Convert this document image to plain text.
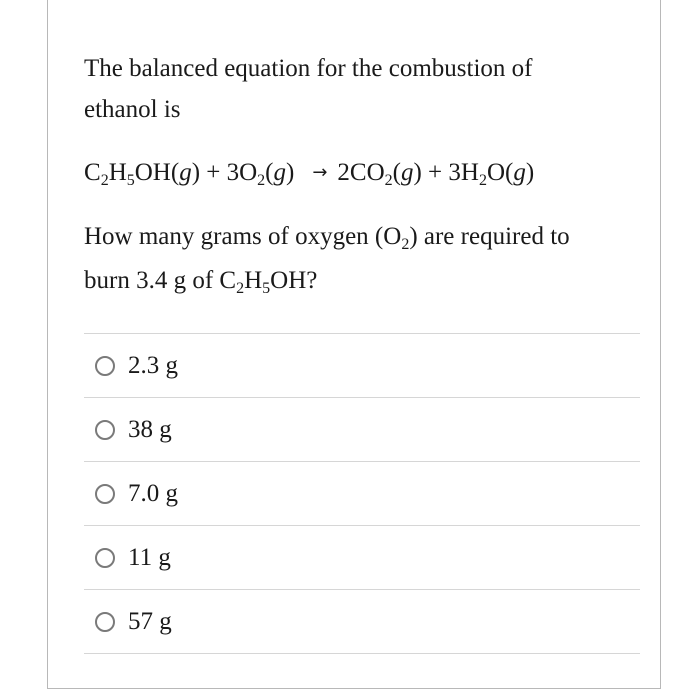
The balanced equation for the combustion of
ethanol is
$C_2H_5OH(g) + 3O_2(g) \to 2CO_2(g) + 3H_2O(g)$
How many grams of oxygen $(O_2)$ are required to
burn 3.4 g of $C_2H_5OH$?
2.3 g
38 g
7.0 g
11 g
57 g
